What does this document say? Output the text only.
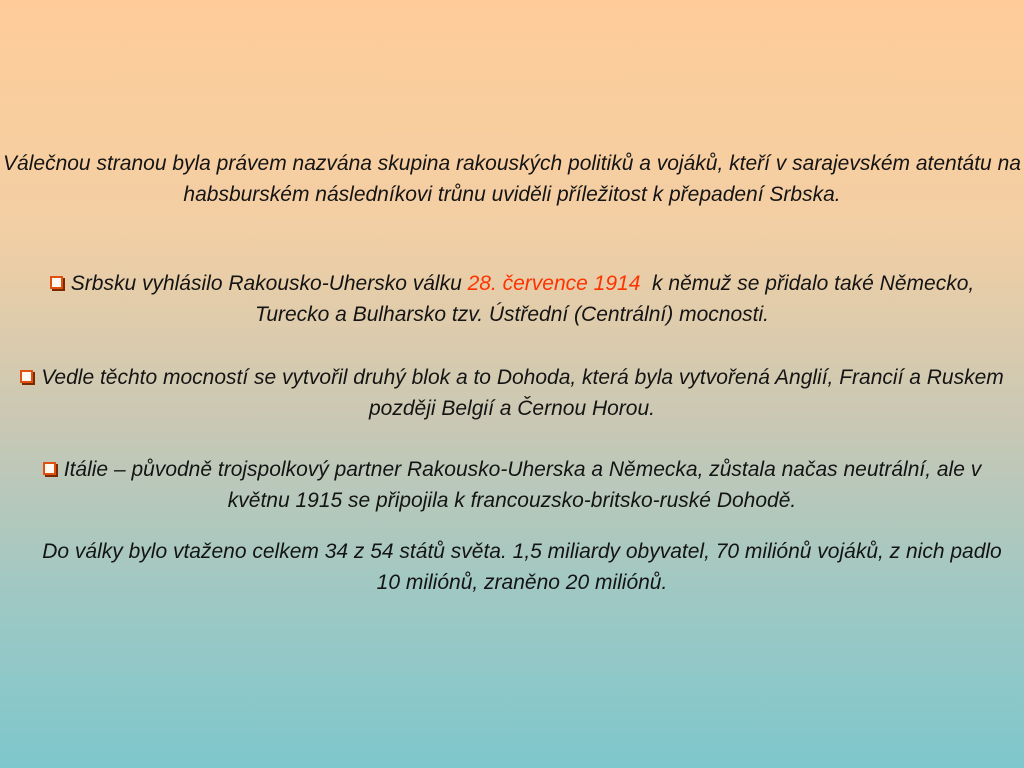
Válečnou stranou byla právem nazvána skupina rakouských politiků a vojáků, kteří v sarajevském atentátu na habsburském následníkovi trůnu uviděli příležitost k přepadení Srbska.

Srbsku vyhlásilo Rakousko-Uhersko válku 28. července 1914  k němuž se přidalo také Německo, Turecko a Bulharsko tzv. Ústřední (Centrální) mocnosti.

Vedle těchto mocností se vytvořil druhý blok a to Dohoda, která byla vytvořená Anglií, Francií a Ruskem později Belgií a Černou Horou.

Itálie – původně trojspolkový partner Rakousko-Uherska a Německa, zůstala načas neutrální, ale v květnu 1915 se připojila k francouzsko-britsko-ruské Dohodě.

Do války bylo vtaženo celkem 34 z 54 států světa. 1,5 miliardy obyvatel, 70 miliónů vojáků, z nich padlo 10 miliónů, zraněno 20 miliónů.
